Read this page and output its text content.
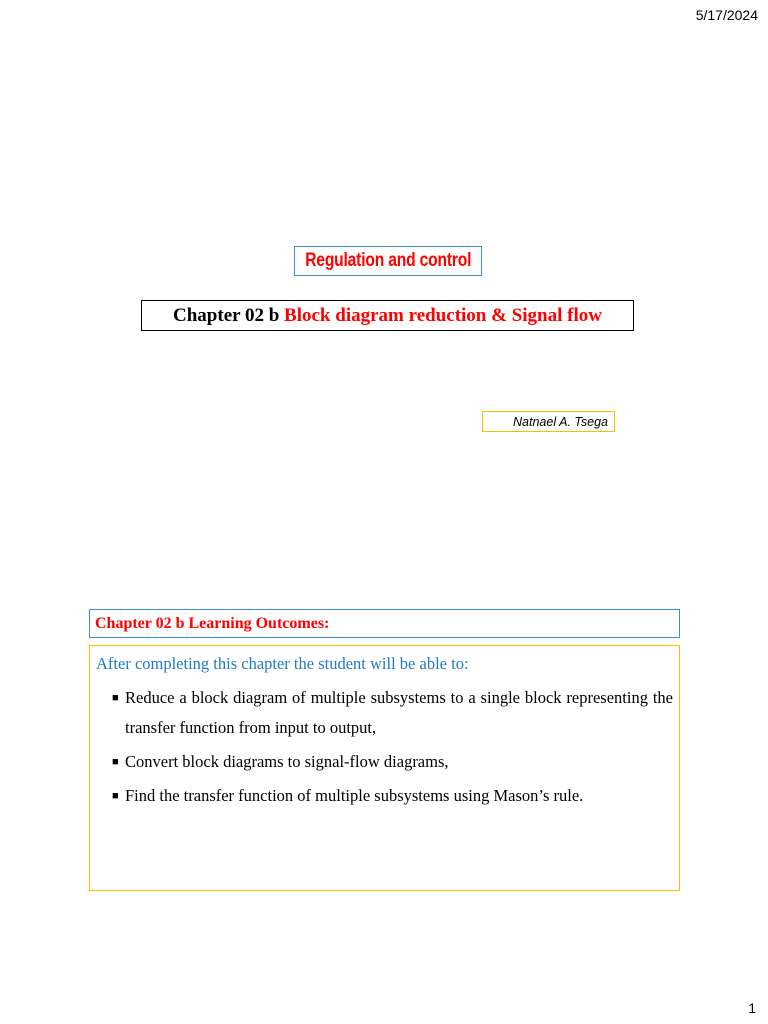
5/17/2024
Regulation and control
Chapter 02 b
Block diagram reduction & Signal flow
Natnael A. Tsega
Chapter 02 b Learning Outcomes:

After completing this chapter the student will be able to:

■ Reduce a block diagram of multiple subsystems to a single block representing the transfer function from input to output,
■ Convert block diagrams to signal-flow diagrams,
■ Find the transfer function of multiple subsystems using Mason’s rule.
1
